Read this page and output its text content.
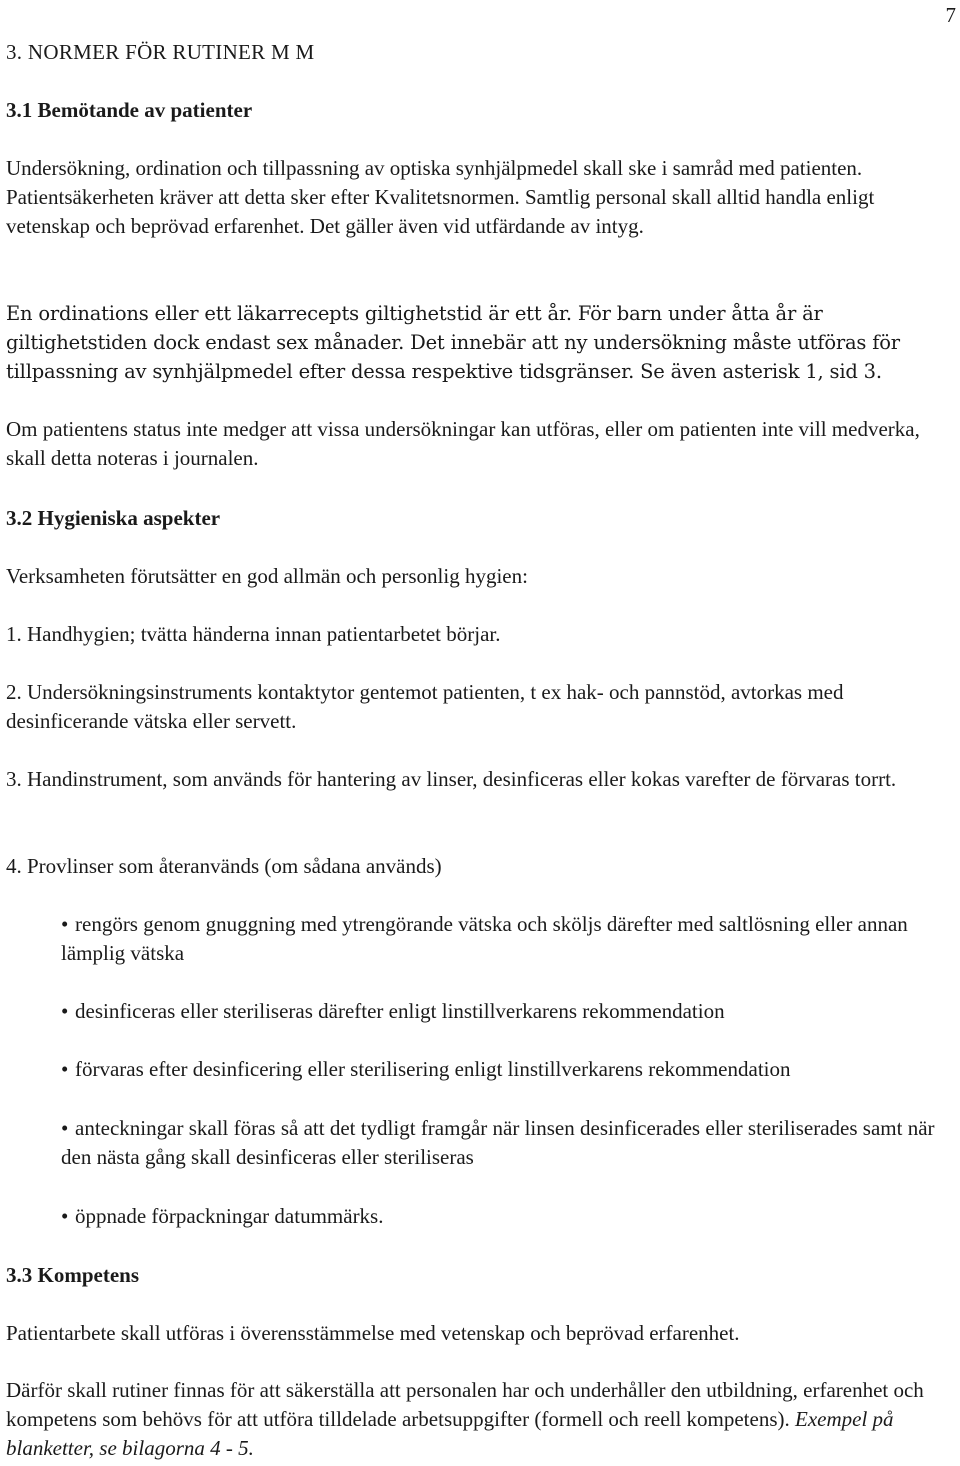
7
3. NORMER FÖR RUTINER M M
3.1 Bemötande av patienter

Undersökning, ordination och tillpassning av optiska synhjälpmedel skall ske i samråd med patienten. Patientsäkerheten kräver att detta sker efter Kvalitetsnormen. Samtlig personal skall alltid handla enligt vetenskap och beprövad erfarenhet. Det gäller även vid utfärdande av intyg.

En ordinations eller ett läkarrecepts giltighetstid är ett år. För barn under åtta år är giltighetstiden dock endast sex månader. Det innebär att ny undersökning måste utföras för tillpassning av synhjälpmedel efter dessa respektive tidsgränser. Se även asterisk 1, sid 3.

Om patientens status inte medger att vissa undersökningar kan utföras, eller om patienten inte vill medverka, skall detta noteras i journalen.

3.2 Hygieniska aspekter

Verksamheten förutsätter en god allmän och personlig hygien:

1. Handhygien; tvätta händerna innan patientarbetet börjar.

2. Undersökningsinstruments kontaktytor gentemot patienten, t ex hak- och pannstöd, avtorkas med desinficerande vätska eller servett.

3. Handinstrument, som används för hantering av linser, desinficeras eller kokas varefter de förvaras torrt.

4. Provlinser som återanvänds (om sådana används)

• rengörs genom gnuggning med ytrengörande vätska och sköljs därefter med saltlösning eller annan lämplig vätska
• desinficeras eller steriliseras därefter enligt linstillverkarens rekommendation
• förvaras efter desinficering eller sterilisering enligt linstillverkarens rekommendation
• anteckningar skall föras så att det tydligt framgår när linsen desinficerades eller steriliserades samt när den nästa gång skall desinficeras eller steriliseras
• öppnade förpackningar datummärks.
3.3 Kompetens

Patientarbete skall utföras i överensstämmelse med vetenskap och beprövad erfarenhet.

Därför skall rutiner finnas för att säkerställa att personalen har och underhåller den utbildning, erfarenhet och kompetens som behövs för att utföra tilldelade arbetsuppgifter (formell och reell kompetens). Exempel på blanketter, se bilagorna 4 - 5.
